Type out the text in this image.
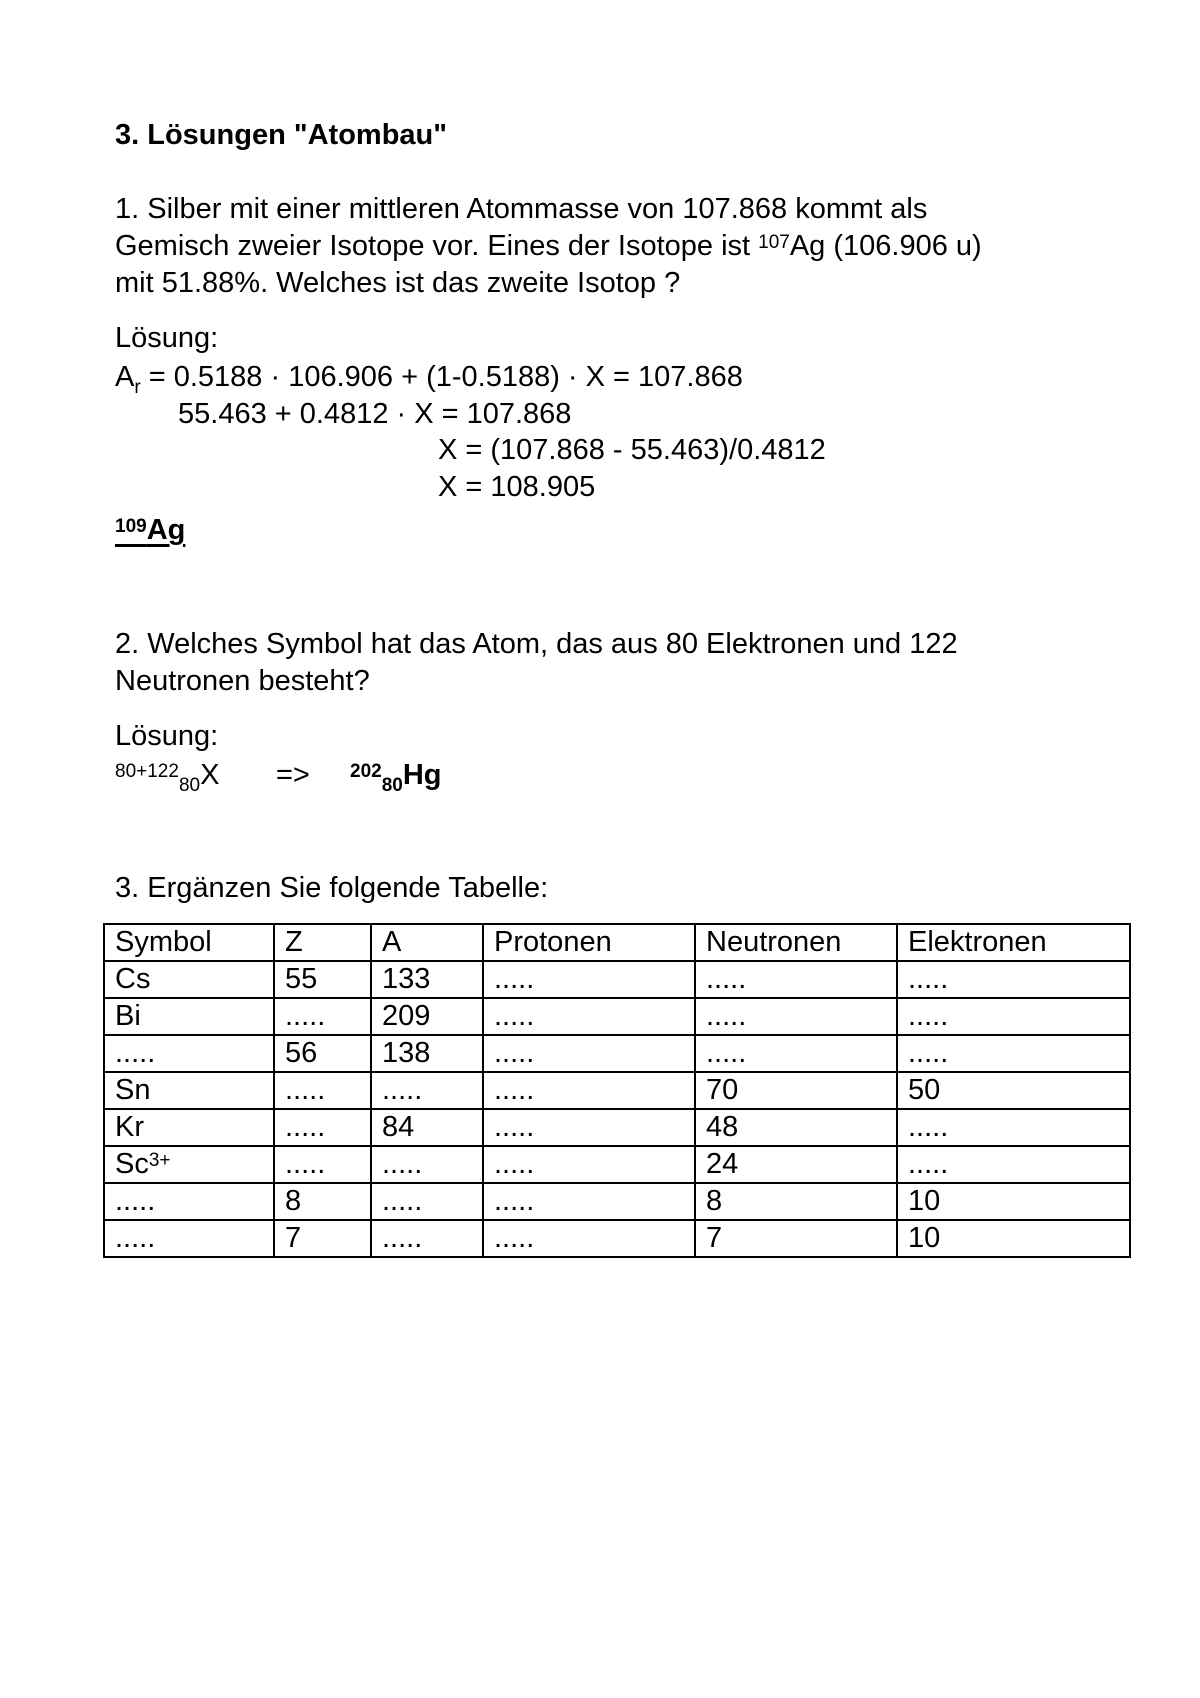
3. Lösungen "Atombau"
1. Silber mit einer mittleren Atommasse von 107.868 kommt als
Gemisch zweier Isotope vor. Eines der Isotope ist $^{107}$Ag (106.906 u)
mit 51.88%. Welches ist das zweite Isotop ?
Lösung:
$A_r = 0.5188 \cdot 106.906 + (1-0.5188) \cdot X = 107.868$
55.463 + 0.4812 · X = 107.868
X = (107.868 - 55.463)/0.4812
X = 108.905
$^{109}$Ag
2. Welches Symbol hat das Atom, das aus 80 Elektronen und 122
Neutronen besteht?
Lösung:
$^{80+122}_{80}$X => $^{202}_{80}$Hg
3. Ergänzen Sie folgende Tabelle:
Symbol	Z	A	Protonen	Neutronen	Elektronen
Cs	55	133	.....	.....	.....
Bi	.....	209	.....	.....	.....
.....	56	138	.....	.....	.....
Sn	.....	.....	.....	70	50
Kr	.....	84	.....	48	.....
$Sc^{3+}$	.....	.....	.....	24	.....
.....	8	.....	.....	8	10
.....	7	.....	.....	7	10
